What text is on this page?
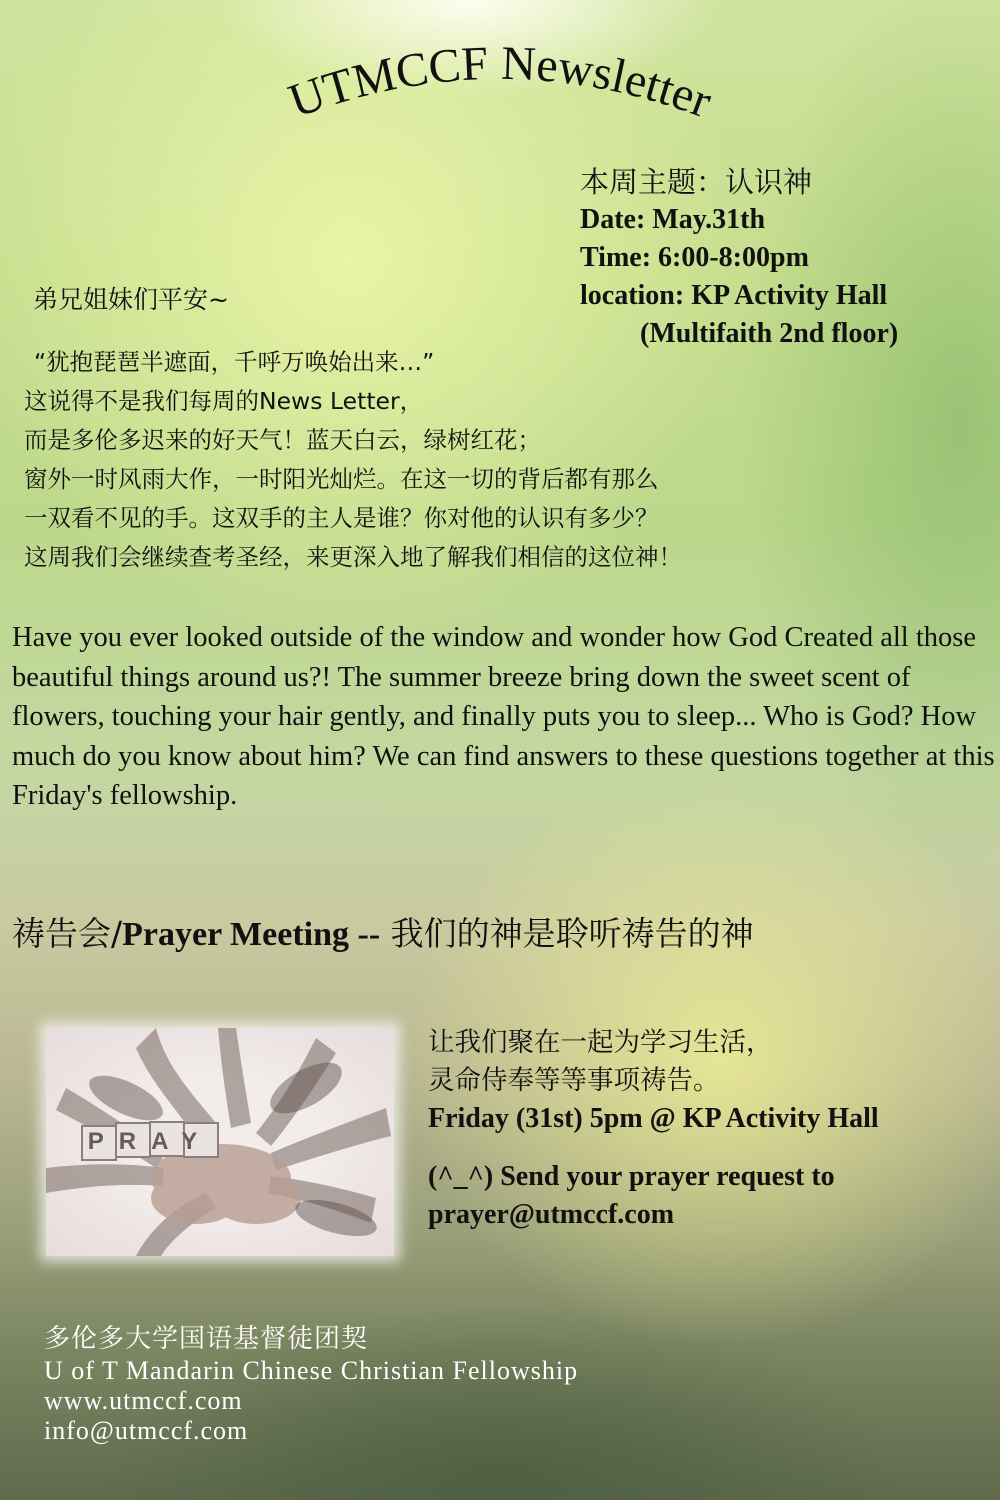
UTMCCF Newsletter
本周主题：认识神
Date: May.31th
Time: 6:00-8:00pm
location: KP Activity Hall
(Multifaith 2nd floor)
弟兄姐妹们平安~
“犹抱琵琶半遮面，千呼万唤始出来…”
这说得不是我们每周的News Letter，
而是多伦多迟来的好天气！蓝天白云，绿树红花；
窗外一时风雨大作，一时阳光灿烂。在这一切的背后都有那么
一双看不见的手。这双手的主人是谁？你对他的认识有多少？
这周我们会继续查考圣经，来更深入地了解我们相信的这位神！
Have you ever looked outside of the window and wonder how God Created all those beautiful things around us?! The summer breeze bring down the sweet scent of flowers, touching your hair gently, and finally puts you to sleep... Who is God? How much do you know about him? We can find answers to these questions together at this Friday's fellowship.
祷告会/Prayer Meeting -- 我们的神是聆听祷告的神
PRAY
让我们聚在一起为学习生活，
灵命侍奉等等事项祷告。
Friday (31st) 5pm @ KP Activity Hall
(^_^) Send your prayer request to
prayer@utmccf.com
多伦多大学国语基督徒团契
U of T Mandarin Chinese Christian Fellowship
www.utmccf.com
info@utmccf.com
